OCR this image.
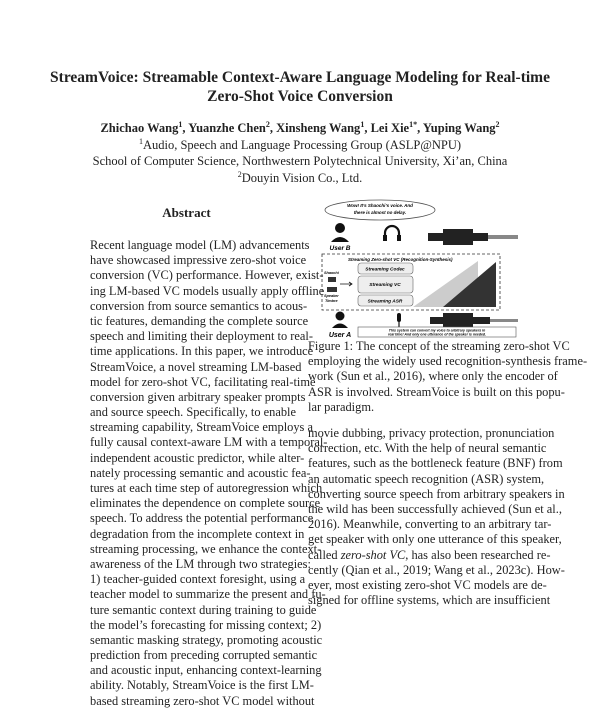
StreamVoice: Streamable Context-Aware Language Modeling for Real-time
Zero-Shot Voice Conversion
Zhichao Wang$^1$, Yuanzhe Chen$^2$, Xinsheng Wang$^1$, Lei Xie$^{1*}$, Yuping Wang$^2$
$^1$Audio, Speech and Language Processing Group (ASLP@NPU)
School of Computer Science, Northwestern Polytechnical University, Xi’an, China
$^2$Douyin Vision Co., Ltd.
Abstract
Recent language model (LM) advancements
have showcased impressive zero-shot voice
conversion (VC) performance. However, exist-
ing LM-based VC models usually apply offline
conversion from source semantics to acous-
tic features, demanding the complete source
speech and limiting their deployment to real-
time applications. In this paper, we introduce
StreamVoice, a novel streaming LM-based
model for zero-shot VC, facilitating real-time
conversion given arbitrary speaker prompts
and source speech. Specifically, to enable
streaming capability, StreamVoice employs a
fully causal context-aware LM with a temporal-
independent acoustic predictor, while alter-
nately processing semantic and acoustic fea-
tures at each time step of autoregression which
eliminates the dependence on complete source
speech. To address the potential performance
degradation from the incomplete context in
streaming processing, we enhance the context-
awareness of the LM through two strategies:
1) teacher-guided context foresight, using a
teacher model to summarize the present and fu-
ture semantic context during training to guide
the model’s forecasting for missing context; 2)
semantic masking strategy, promoting acoustic
prediction from preceding corrupted semantic
and acoustic input, enhancing context-learning
ability. Notably, StreamVoice is the first LM-
based streaming zero-shot VC model without
Wow! It’s Shaochi’s voice. And
there is almost no delay.
User B
Streaming Zero-shot VC (Recognition-Synthesis)
Streaming Codec
Streaming VC
Streaming ASR
Shaochi
Speaker
Timbre
User A
This system can convert my voice to arbitrary speakers in
real time! And only one utterance of the speaker is needed.
Figure 1: The concept of the streaming zero-shot VC
employing the widely used recognition-synthesis frame-
work (Sun et al., 2016), where only the encoder of
ASR is involved. StreamVoice is built on this popu-
lar paradigm.
movie dubbing, privacy protection, pronunciation
correction, etc. With the help of neural semantic
features, such as the bottleneck feature (BNF) from
an automatic speech recognition (ASR) system,
converting source speech from arbitrary speakers in
the wild has been successfully achieved (Sun et al.,
2016). Meanwhile, converting to an arbitrary tar-
get speaker with only one utterance of this speaker,
called zero-shot VC, has also been researched re-
cently (Qian et al., 2019; Wang et al., 2023c). How-
ever, most existing zero-shot VC models are de-
signed for offline systems, which are insufficient
